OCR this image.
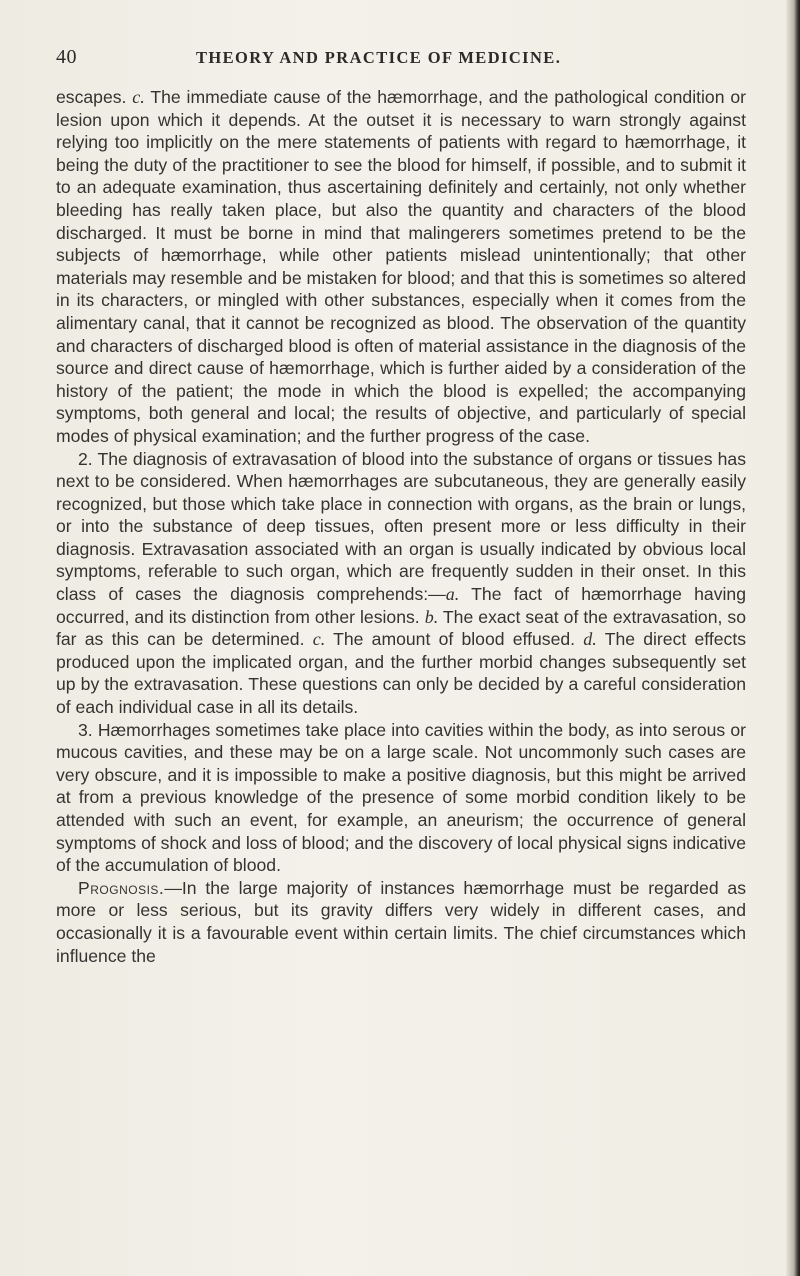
40	THEORY AND PRACTICE OF MEDICINE.

escapes. c. The immediate cause of the hæmorrhage, and the pathological condition or lesion upon which it depends. At the outset it is necessary to warn strongly against relying too implicitly on the mere statements of patients with regard to hæmorrhage, it being the duty of the practitioner to see the blood for himself, if possible, and to submit it to an adequate examination, thus ascertaining definitely and certainly, not only whether bleeding has really taken place, but also the quantity and characters of the blood discharged. It must be borne in mind that malingerers sometimes pretend to be the subjects of hæmorrhage, while other patients mislead unintentionally; that other materials may resemble and be mistaken for blood; and that this is sometimes so altered in its characters, or mingled with other substances, especially when it comes from the alimentary canal, that it cannot be recognized as blood. The observation of the quantity and characters of discharged blood is often of material assistance in the diagnosis of the source and direct cause of hæmorrhage, which is further aided by a consideration of the history of the patient; the mode in which the blood is expelled; the accompanying symptoms, both general and local; the results of objective, and particularly of special modes of physical examination; and the further progress of the case.

2. The diagnosis of extravasation of blood into the substance of organs or tissues has next to be considered. When hæmorrhages are subcutaneous, they are generally easily recognized, but those which take place in connection with organs, as the brain or lungs, or into the substance of deep tissues, often present more or less difficulty in their diagnosis. Extravasation associated with an organ is usually indicated by obvious local symptoms, referable to such organ, which are frequently sudden in their onset. In this class of cases the diagnosis comprehends:—a. The fact of hæmorrhage having occurred, and its distinction from other lesions. b. The exact seat of the extravasation, so far as this can be determined. c. The amount of blood effused. d. The direct effects produced upon the implicated organ, and the further morbid changes subsequently set up by the extravasation. These questions can only be decided by a careful consideration of each individual case in all its details.

3. Hæmorrhages sometimes take place into cavities within the body, as into serous or mucous cavities, and these may be on a large scale. Not uncommonly such cases are very obscure, and it is impossible to make a positive diagnosis, but this might be arrived at from a previous knowledge of the presence of some morbid condition likely to be attended with such an event, for example, an aneurism; the occurrence of general symptoms of shock and loss of blood; and the discovery of local physical signs indicative of the accumulation of blood.

Prognosis.—In the large majority of instances hæmorrhage must be regarded as more or less serious, but its gravity differs very widely in different cases, and occasionally it is a favourable event within certain limits. The chief circumstances which influence the
